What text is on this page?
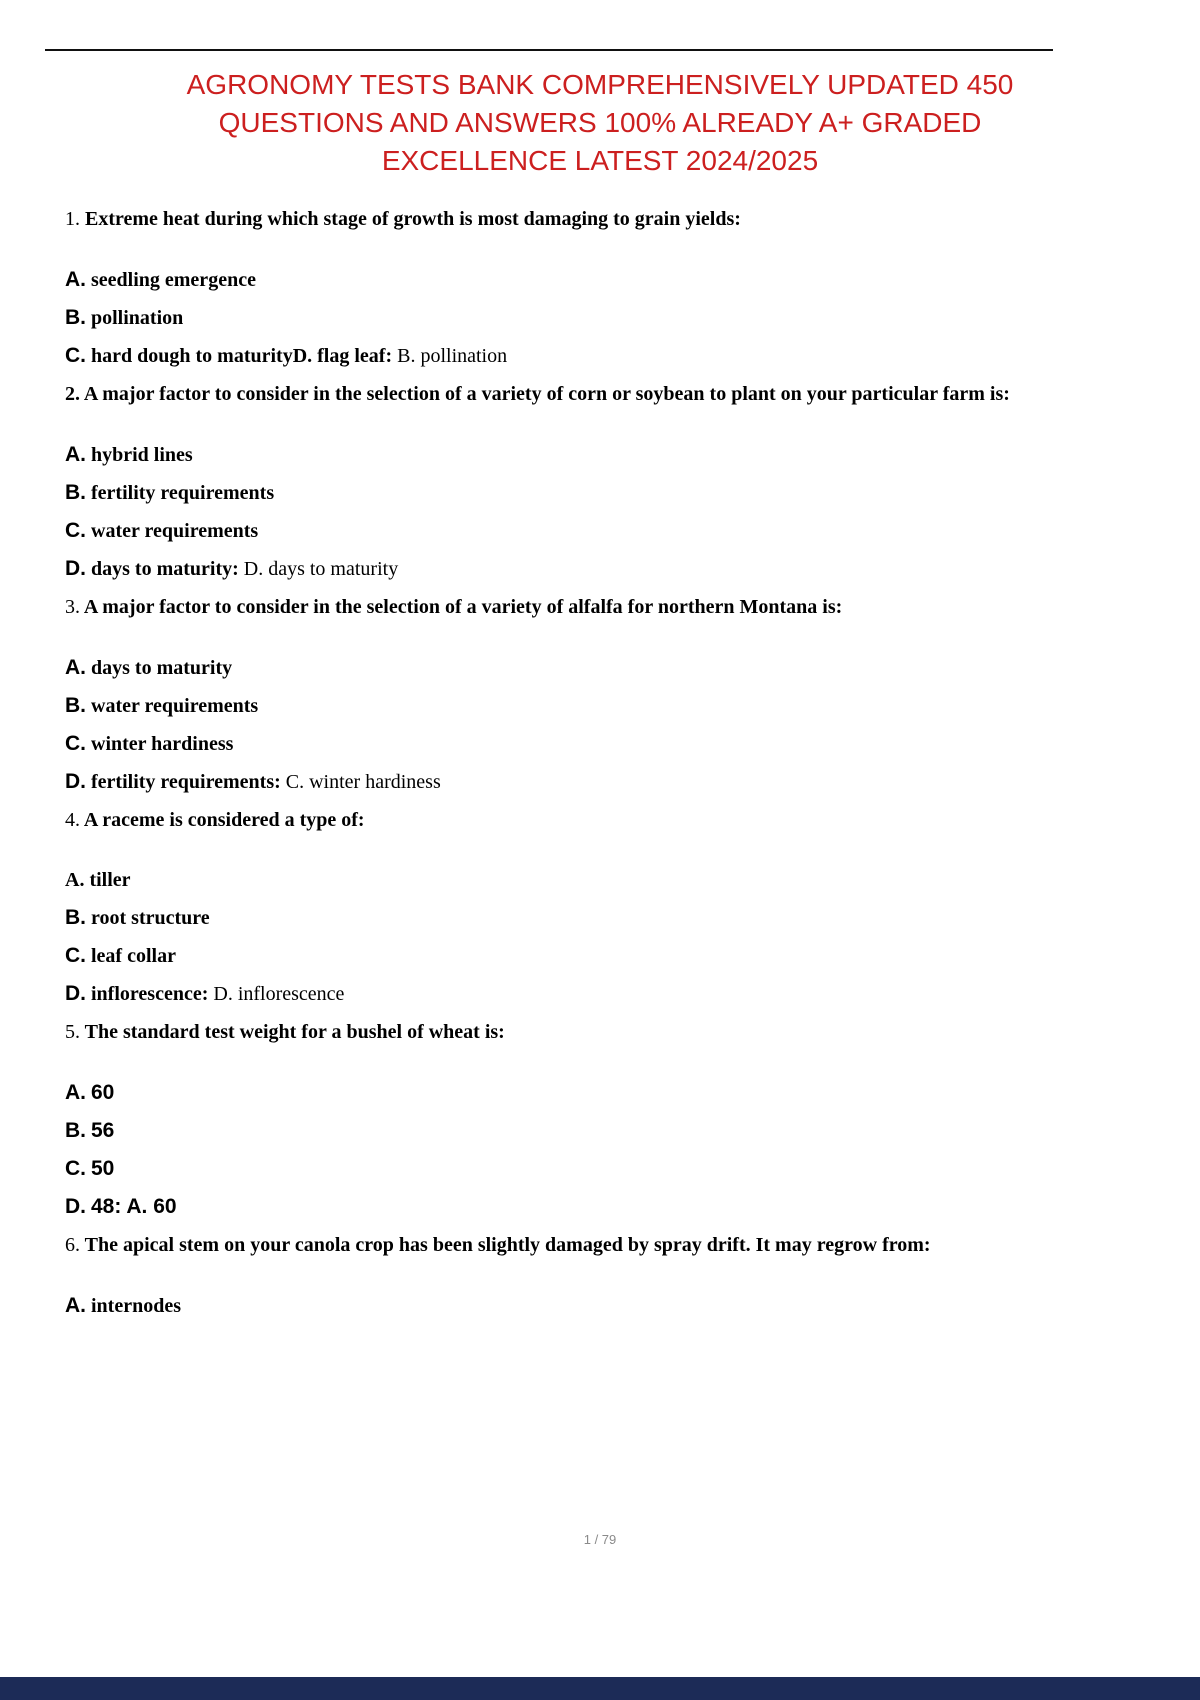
AGRONOMY TESTS BANK COMPREHENSIVELY UPDATED 450
QUESTIONS AND ANSWERS 100% ALREADY A+ GRADED
EXCELLENCE LATEST 2024/2025

1. Extreme heat during which stage of growth is most damaging to grain yields:

A. seedling emergence

B. pollination

C. hard dough to maturityD. flag leaf: B. pollination

2. A major factor to consider in the selection of a variety of corn or soybean to plant on your particular farm is:

A. hybrid lines

B. fertility requirements

C. water requirements

D. days to maturity: D. days to maturity

3. A major factor to consider in the selection of a variety of alfalfa for northern Montana is:

A. days to maturity

B. water requirements

C. winter hardiness

D. fertility requirements: C. winter hardiness

4. A raceme is considered a type of:

A. tiller

B. root structure

C. leaf collar

D. inflorescence: D. inflorescence

5. The standard test weight for a bushel of wheat is:

A. 60

B. 56

C. 50

D. 48: A. 60

6. The apical stem on your canola crop has been slightly damaged by spray drift. It may regrow from:

A. internodes

1 / 79
